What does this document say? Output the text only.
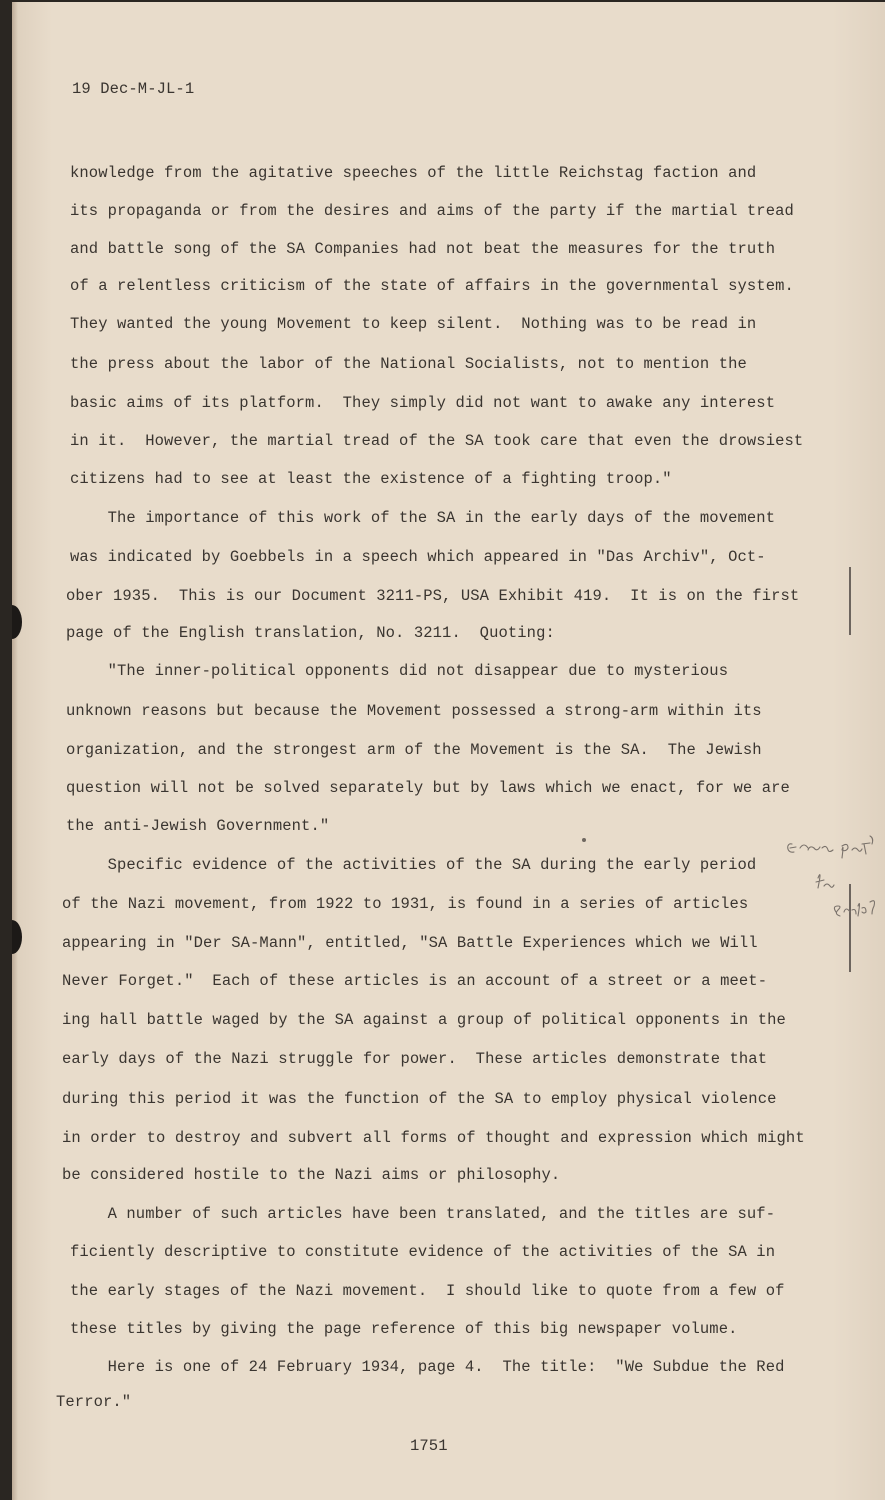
19 Dec-M-JL-1
knowledge from the agitative speeches of the little Reichstag faction and
its propaganda or from the desires and aims of the party if the martial tread
and battle song of the SA Companies had not beat the measures for the truth
of a relentless criticism of the state of affairs in the governmental system.
They wanted the young Movement to keep silent.  Nothing was to be read in
the press about the labor of the National Socialists, not to mention the
basic aims of its platform.  They simply did not want to awake any interest
in it.  However, the martial tread of the SA took care that even the drowsiest
citizens had to see at least the existence of a fighting troop."
The importance of this work of the SA in the early days of the movement
was indicated by Goebbels in a speech which appeared in "Das Archiv", Oct-
ober 1935.  This is our Document 3211-PS, USA Exhibit 419.  It is on the first
page of the English translation, No. 3211.  Quoting:
"The inner-political opponents did not disappear due to mysterious
unknown reasons but because the Movement possessed a strong-arm within its
organization, and the strongest arm of the Movement is the SA.  The Jewish
question will not be solved separately but by laws which we enact, for we are
the anti-Jewish Government."
Specific evidence of the activities of the SA during the early period
of the Nazi movement, from 1922 to 1931, is found in a series of articles
appearing in "Der SA-Mann", entitled, "SA Battle Experiences which we Will
Never Forget."  Each of these articles is an account of a street or a meet-
ing hall battle waged by the SA against a group of political opponents in the
early days of the Nazi struggle for power.  These articles demonstrate that
during this period it was the function of the SA to employ physical violence
in order to destroy and subvert all forms of thought and expression which might
be considered hostile to the Nazi aims or philosophy.
A number of such articles have been translated, and the titles are suf-
ficiently descriptive to constitute evidence of the activities of the SA in
the early stages of the Nazi movement.  I should like to quote from a few of
these titles by giving the page reference of this big newspaper volume.
Here is one of 24 February 1934, page 4.  The title:  "We Subdue the Red
Terror."
1751
